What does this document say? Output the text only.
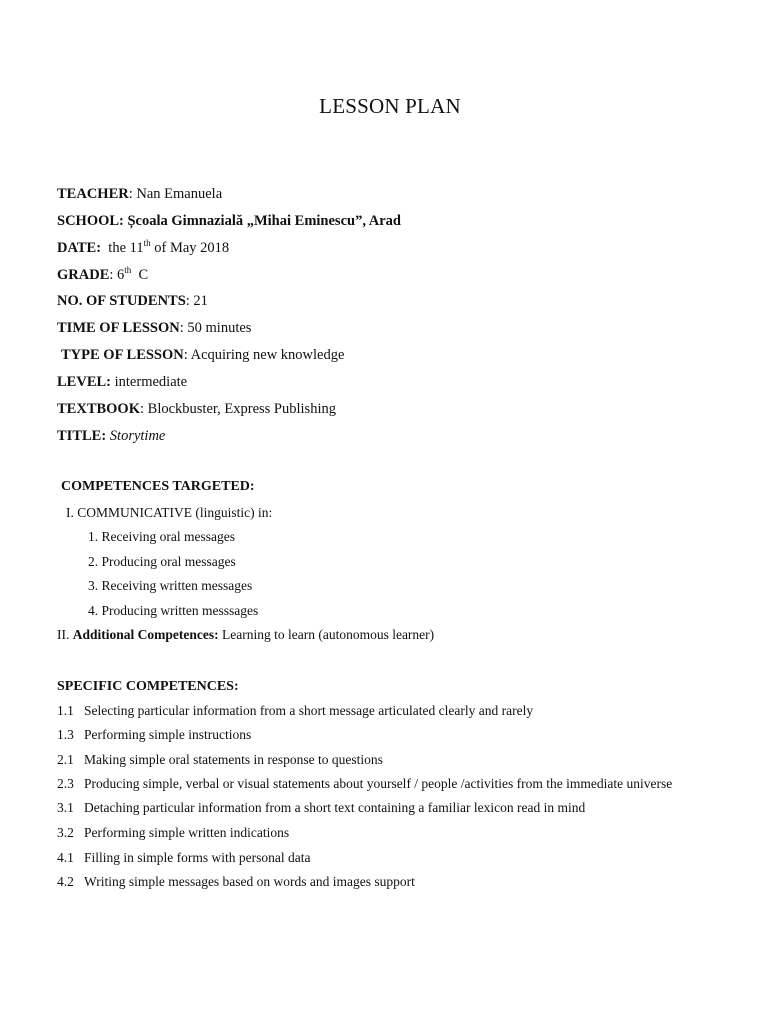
LESSON PLAN
TEACHER: Nan Emanuela
SCHOOL: Școala Gimnazială „Mihai Eminescu”, Arad
DATE:  the 11th of May 2018
GRADE: 6th  C
NO. OF STUDENTS: 21
TIME OF LESSON: 50 minutes
TYPE OF LESSON: Acquiring new knowledge
LEVEL: intermediate
TEXTBOOK: Blockbuster, Express Publishing
TITLE: Storytime
COMPETENCES TARGETED:
I. COMMUNICATIVE (linguistic) in:
1. Receiving oral messages
2. Producing oral messages
3. Receiving written messages
4. Producing written messsages
II. Additional Competences: Learning to learn (autonomous learner)
SPECIFIC COMPETENCES:
1.1 Selecting particular information from a short message articulated clearly and rarely
1.3 Performing simple instructions
2.1 Making simple oral statements in response to questions
2.3 Producing simple, verbal or visual statements about yourself / people /activities from the immediate universe
3.1 Detaching particular information from a short text containing a familiar lexicon read in mind
3.2 Performing simple written indications
4.1 Filling in simple forms with personal data
4.2 Writing simple messages based on words and images support
